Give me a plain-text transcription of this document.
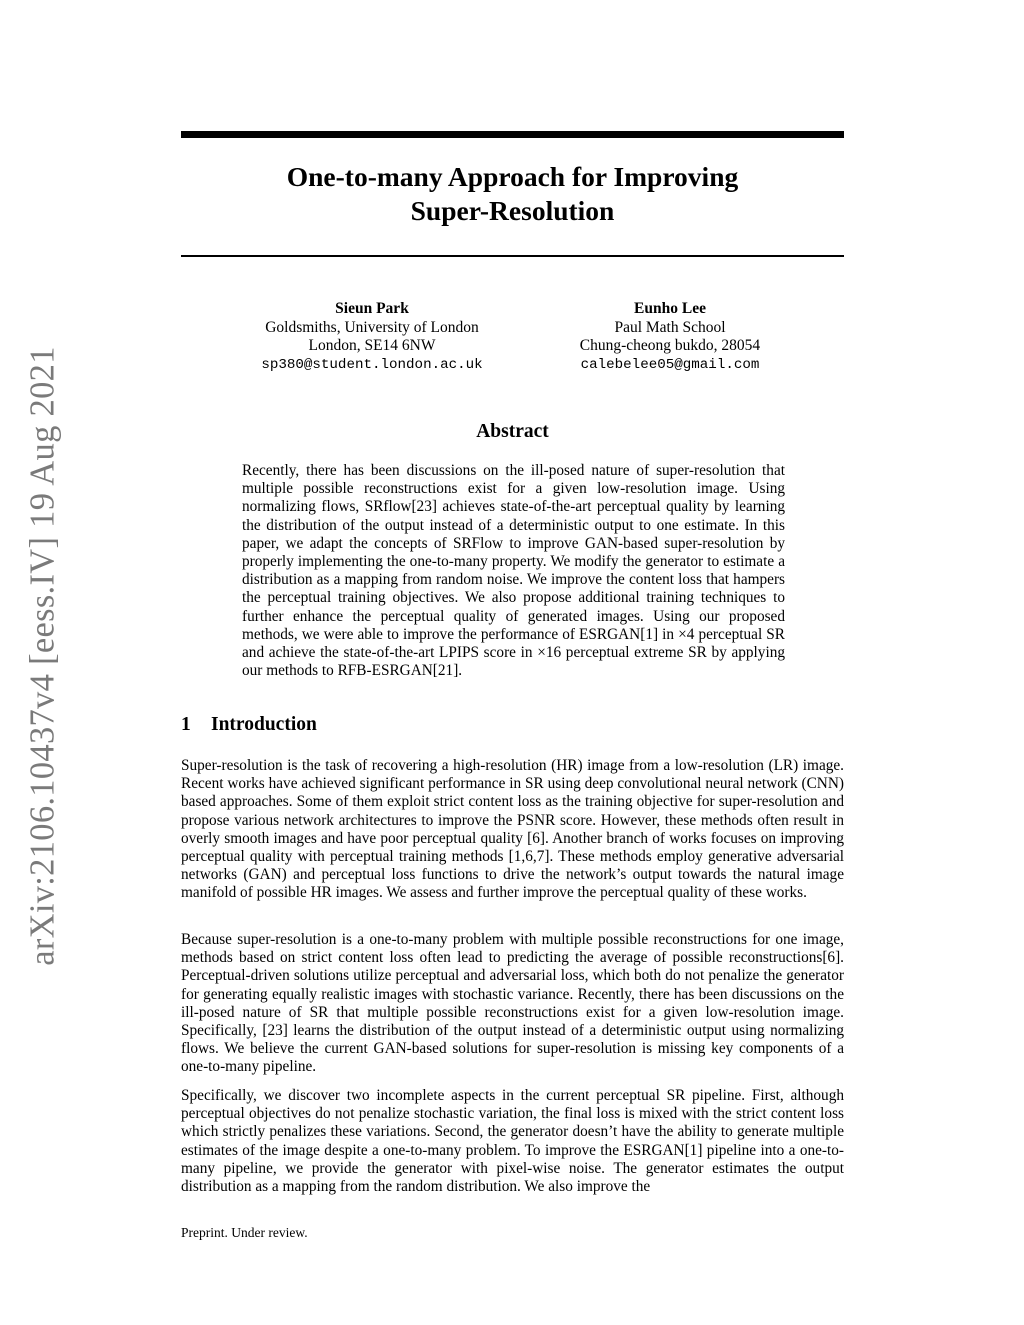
arXiv:2106.10437v4 [eess.IV] 19 Aug 2021
One-to-many Approach for Improving
Super-Resolution
Sieun Park
Goldsmiths, University of London
London, SE14 6NW
sp380@student.london.ac.uk
Eunho Lee
Paul Math School
Chung-cheong bukdo, 28054
calebelee05@gmail.com
Abstract

Recently, there has been discussions on the ill-posed nature of super-resolution that multiple possible reconstructions exist for a given low-resolution image. Using normalizing flows, SRflow[23] achieves state-of-the-art perceptual quality by learning the distribution of the output instead of a deterministic output to one estimate. In this paper, we adapt the concepts of SRFlow to improve GAN-based super-resolution by properly implementing the one-to-many property. We modify the generator to estimate a distribution as a mapping from random noise. We improve the content loss that hampers the perceptual training objectives. We also propose additional training techniques to further enhance the perceptual quality of generated images. Using our proposed methods, we were able to improve the performance of ESRGAN[1] in ×4 perceptual SR and achieve the state-of-the-art LPIPS score in ×16 perceptual extreme SR by applying our methods to RFB-ESRGAN[21].

1 Introduction

Super-resolution is the task of recovering a high-resolution (HR) image from a low-resolution (LR) image. Recent works have achieved significant performance in SR using deep convolutional neural network (CNN) based approaches. Some of them exploit strict content loss as the training objective for super-resolution and propose various network architectures to improve the PSNR score. However, these methods often result in overly smooth images and have poor perceptual quality [6]. Another branch of works focuses on improving perceptual quality with perceptual training methods [1,6,7]. These methods employ generative adversarial networks (GAN) and perceptual loss functions to drive the network’s output towards the natural image manifold of possible HR images. We assess and further improve the perceptual quality of these works.

Because super-resolution is a one-to-many problem with multiple possible reconstructions for one image, methods based on strict content loss often lead to predicting the average of possible reconstructions[6]. Perceptual-driven solutions utilize perceptual and adversarial loss, which both do not penalize the generator for generating equally realistic images with stochastic variance. Recently, there has been discussions on the ill-posed nature of SR that multiple possible reconstructions exist for a given low-resolution image. Specifically, [23] learns the distribution of the output instead of a deterministic output using normalizing flows. We believe the current GAN-based solutions for super-resolution is missing key components of a one-to-many pipeline.

Specifically, we discover two incomplete aspects in the current perceptual SR pipeline. First, although perceptual objectives do not penalize stochastic variation, the final loss is mixed with the strict content loss which strictly penalizes these variations. Second, the generator doesn’t have the ability to generate multiple estimates of the image despite a one-to-many problem. To improve the ESRGAN[1] pipeline into a one-to-many pipeline, we provide the generator with pixel-wise noise. The generator estimates the output distribution as a mapping from the random distribution. We also improve the

Preprint. Under review.
